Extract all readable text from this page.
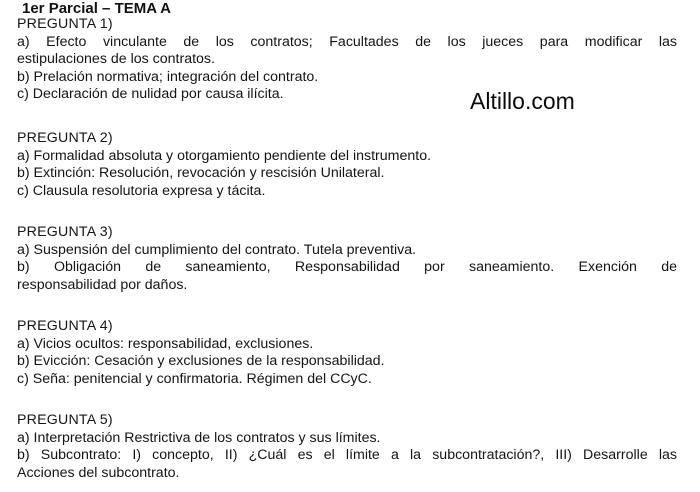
1er Parcial – TEMA A
Altillo.com
PREGUNTA 1)
a) Efecto vinculante de los contratos; Facultades de los jueces para modificar las
estipulaciones de los contratos.
b) Prelación normativa; integración del contrato.
c) Declaración de nulidad por causa ilícita.
PREGUNTA 2)
a) Formalidad absoluta y otorgamiento pendiente del instrumento.
b) Extinción: Resolución, revocación y rescisión Unilateral.
c) Clausula resolutoria expresa y tácita.
PREGUNTA 3)
a) Suspensión del cumplimiento del contrato. Tutela preventiva.
b) Obligación de saneamiento, Responsabilidad por saneamiento. Exención de
responsabilidad por daños.
PREGUNTA 4)
a) Vicios ocultos: responsabilidad, exclusiones.
b) Evicción: Cesación y exclusiones de la responsabilidad.
c) Seña: penitencial y confirmatoria. Régimen del CCyC.
PREGUNTA 5)
a) Interpretación Restrictiva de los contratos y sus límites.
b) Subcontrato: I) concepto, II) ¿Cuál es el límite a la subcontratación?, III) Desarrolle las
Acciones del subcontrato.
